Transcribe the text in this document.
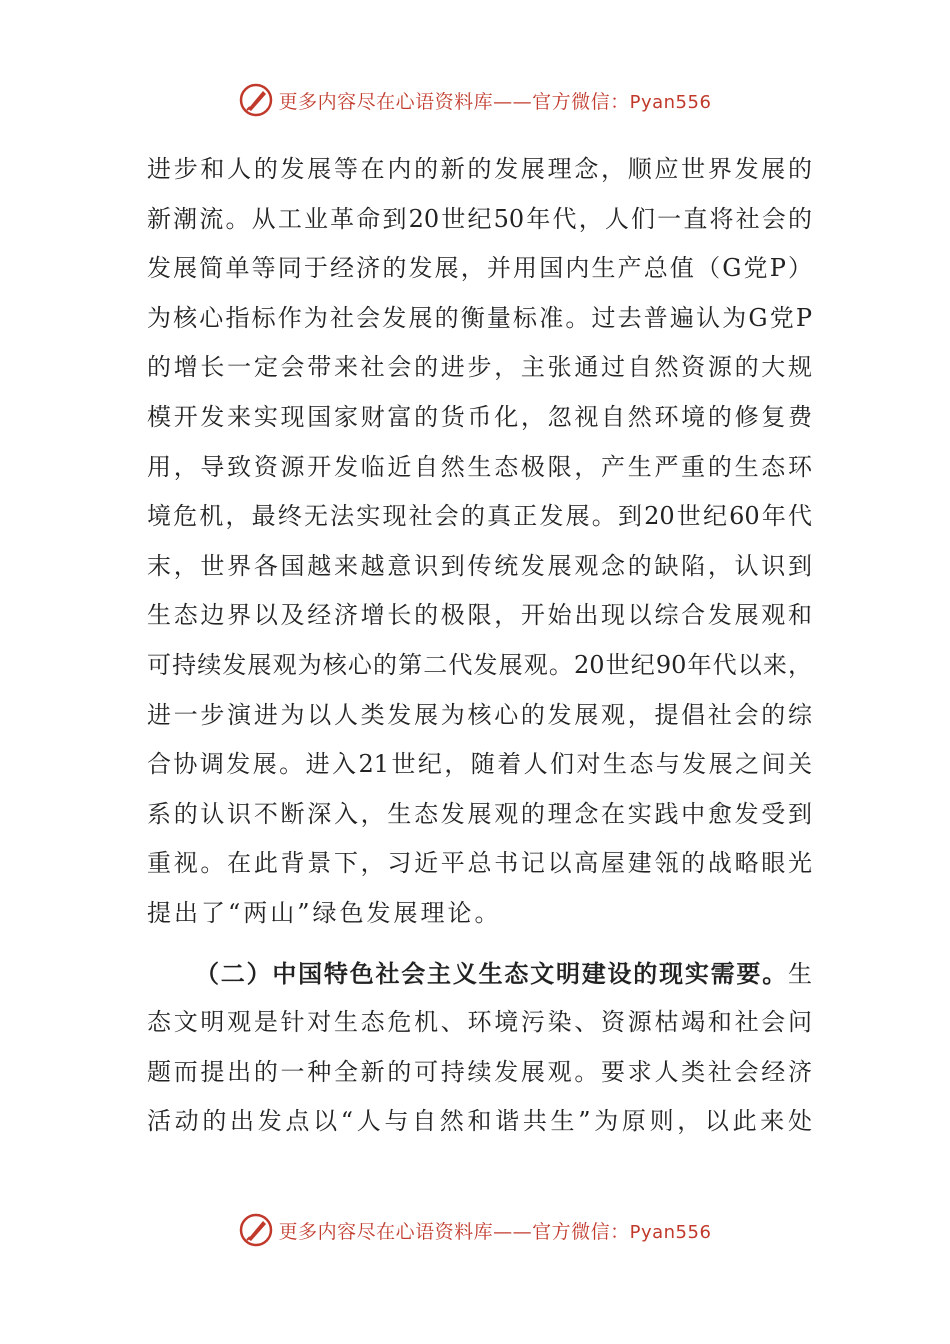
更多内容尽在心语资料库——官方微信：Pyan556
进步和人的发展等在内的新的发展理念，顺应世界发展的
新潮流。从工业革命到20世纪50年代，人们一直将社会的
发展简单等同于经济的发展，并用国内生产总值（G党P）
为核心指标作为社会发展的衡量标准。过去普遍认为G党P
的增长一定会带来社会的进步，主张通过自然资源的大规
模开发来实现国家财富的货币化，忽视自然环境的修复费
用，导致资源开发临近自然生态极限，产生严重的生态环
境危机，最终无法实现社会的真正发展。到20世纪60年代
末，世界各国越来越意识到传统发展观念的缺陷，认识到
生态边界以及经济增长的极限，开始出现以综合发展观和
可持续发展观为核心的第二代发展观。20世纪90年代以来，
进一步演进为以人类发展为核心的发展观，提倡社会的综
合协调发展。进入21世纪，随着人们对生态与发展之间关
系的认识不断深入，生态发展观的理念在实践中愈发受到
重视。在此背景下，习近平总书记以高屋建瓴的战略眼光
提出了“两山”绿色发展理论。
（二）中国特色社会主义生态文明建设的现实需要。生
态文明观是针对生态危机、环境污染、资源枯竭和社会问
题而提出的一种全新的可持续发展观。要求人类社会经济
活动的出发点以“人与自然和谐共生”为原则，以此来处
更多内容尽在心语资料库——官方微信：Pyan556
